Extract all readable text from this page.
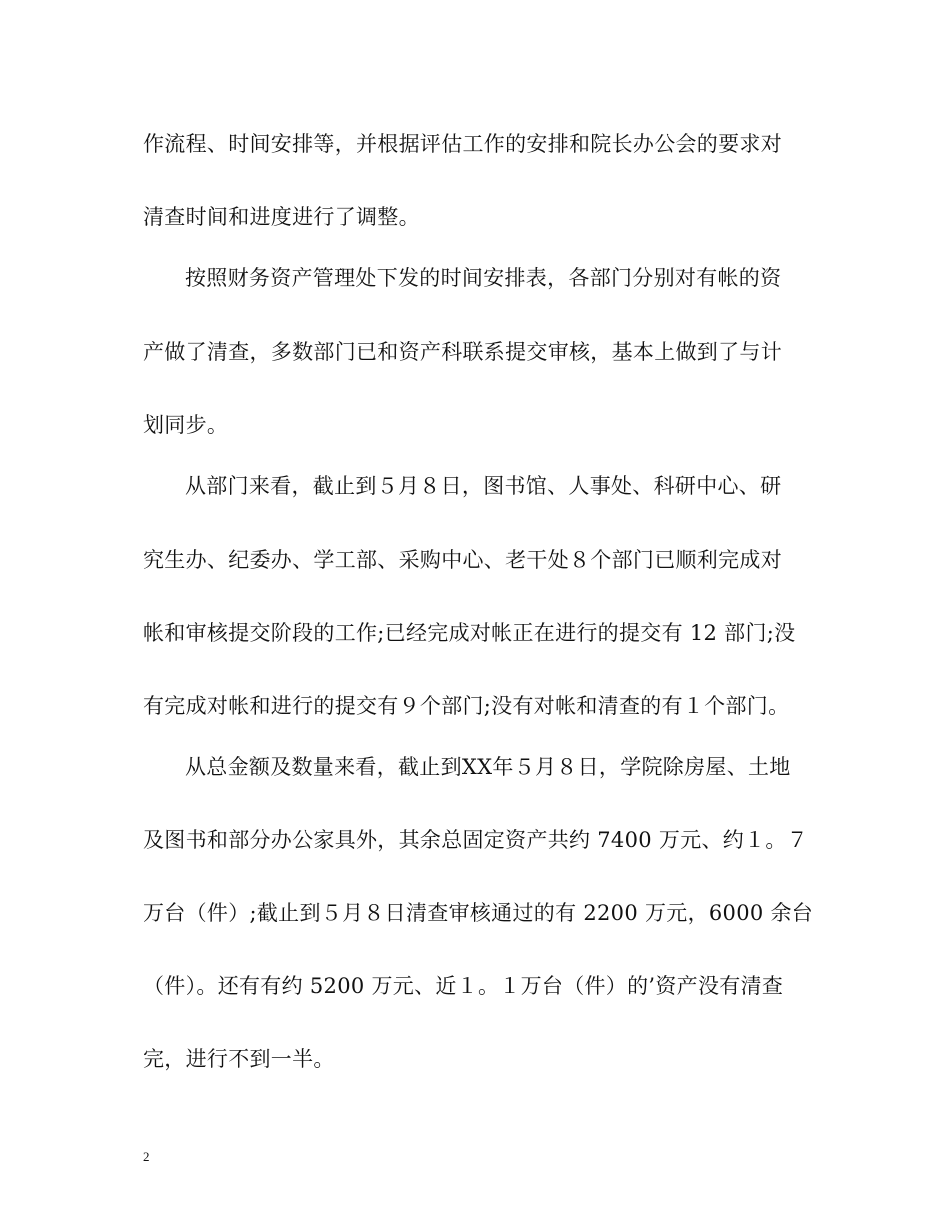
作流程、时间安排等，并根据评估工作的安排和院长办公会的要求对
清查时间和进度进行了调整。
按照财务资产管理处下发的时间安排表，各部门分别对有帐的资
产做了清查，多数部门已和资产科联系提交审核，基本上做到了与计
划同步。
从部门来看，截止到５月８日，图书馆、人事处、科研中心、研
究生办、纪委办、学工部、采购中心、老干处８个部门已顺利完成对
帐和审核提交阶段的工作;已经完成对帐正在进行的提交有 12 部门;没
有完成对帐和进行的提交有９个部门;没有对帐和清查的有１个部门。
从总金额及数量来看，截止到XX年５月８日，学院除房屋、土地
及图书和部分办公家具外，其余总固定资产共约 7400 万元、约１。７
万台（件）;截止到５月８日清查审核通过的有 2200 万元，6000 余台
（件）。还有有约 5200 万元、近１。１万台（件）的’资产没有清查
完，进行不到一半。
2
